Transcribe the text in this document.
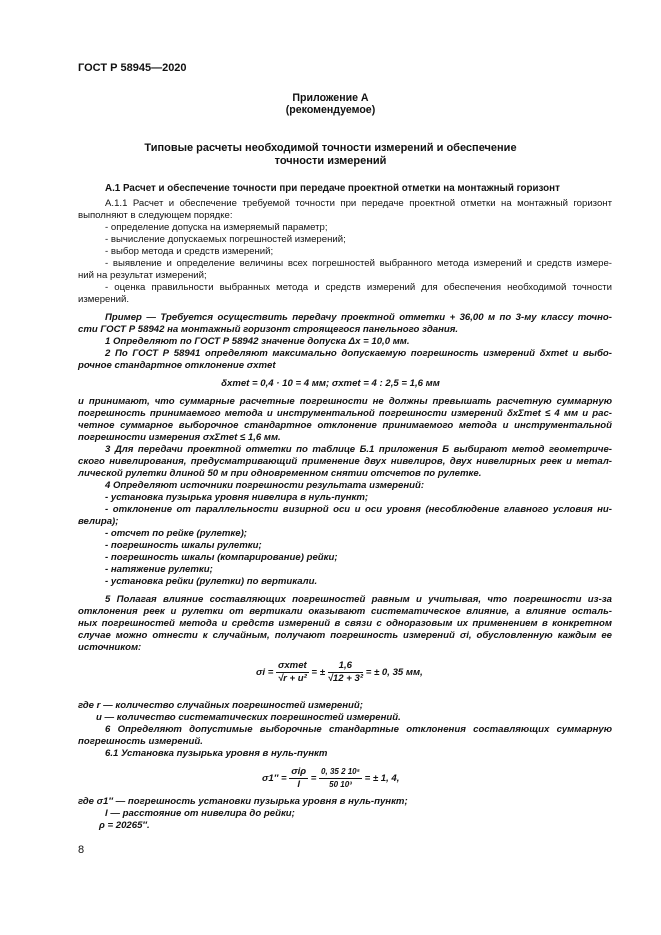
ГОСТ Р 58945—2020
Приложение А
(рекомендуемое)
Типовые расчеты необходимой точности измерений и обеспечение
точности измерений
А.1 Расчет и обеспечение точности при передаче проектной отметки на монтажный горизонт
А.1.1 Расчет и обеспечение требуемой точности при передаче проектной отметки на монтажный горизонт
выполняют в следующем порядке:
- определение допуска на измеряемый параметр;
- вычисление допускаемых погрешностей измерений;
- выбор метода и средств измерений;
- выявление и определение величины всех погрешностей выбранного метода измерений и средств измере-
ний на результат измерений;
- оценка правильности выбранных метода и средств измерений для обеспечения необходимой точности
измерений.
Пример — Требуется осуществить передачу проектной отметки + 36,00 м по 3-му классу точно-
сти ГОСТ Р 58942 на монтажный горизонт строящегося панельного здания.
1 Определяют по ГОСТ Р 58942 значение допуска Δx = 10,0 мм.
2 По ГОСТ Р 58941 определяют максимально допускаемую погрешность измерений δxmet и выбо-
рочное стандартное отклонение σxmet
δxmet = 0,4 · 10 = 4 мм; σxmet = 4 : 2,5 = 1,6 мм
и принимают, что суммарные расчетные погрешности не должны превышать расчетную суммарную
погрешность принимаемого метода и инструментальной погрешности измерений δxΣmet ≤ 4 мм и рас-
четное суммарное выборочное стандартное отклонение принимаемого метода и инструментальной
погрешности измерения σxΣmet ≤ 1,6 мм.
3 Для передачи проектной отметки по таблице Б.1 приложения Б выбирают метод геометриче-
ского нивелирования, предусматривающий применение двух нивелиров, двух нивелирных реек и метал-
лической рулетки длиной 50 м при одновременном снятии отсчетов по рулетке.
4 Определяют источники погрешности результата измерений:
- установка пузырька уровня нивелира в нуль-пункт;
- отклонение от параллельности визирной оси и оси уровня (несоблюдение главного условия ни-
велира);
- отсчет по рейке (рулетке);
- погрешность шкалы рулетки;
- погрешность шкалы (компарирование) рейки;
- натяжение рулетки;
- установка рейки (рулетки) по вертикали.
5 Полагая влияние составляющих погрешностей равным и учитывая, что погрешности из-за
отклонения реек и рулетки от вертикали оказывают систематическое влияние, а влияние осталь-
ных погрешностей метода и средств измерений в связи с одноразовым их применением в конкретном
случае можно отнести к случайным, получают погрешность измерений σi, обусловленную каждым ее
источником:
$\sigma i = \frac{\text{σxmet}}{\text{√r + u²}}$ = ± $\frac{1,6}{\text{√12 + 3²}}$ = ± 0, 35 мм,
где r — количество случайных погрешностей измерений;
u — количество систематических погрешностей измерений.
6 Определяют допустимые выборочные стандартные отклонения составляющих суммарную
погрешность измерений.
6.1 Установка пузырька уровня в нуль-пункт
$\sigma 1'' = \frac{\text{σiρ}}{l} = \frac{\text{0, 35 2 10⁵}}{\text{50 10³}}$ = ± 1, 4,
где σ1″ — погрешность установки пузырька уровня в нуль-пункт;
l — расстояние от нивелира до рейки;
ρ = 20265″.
8
